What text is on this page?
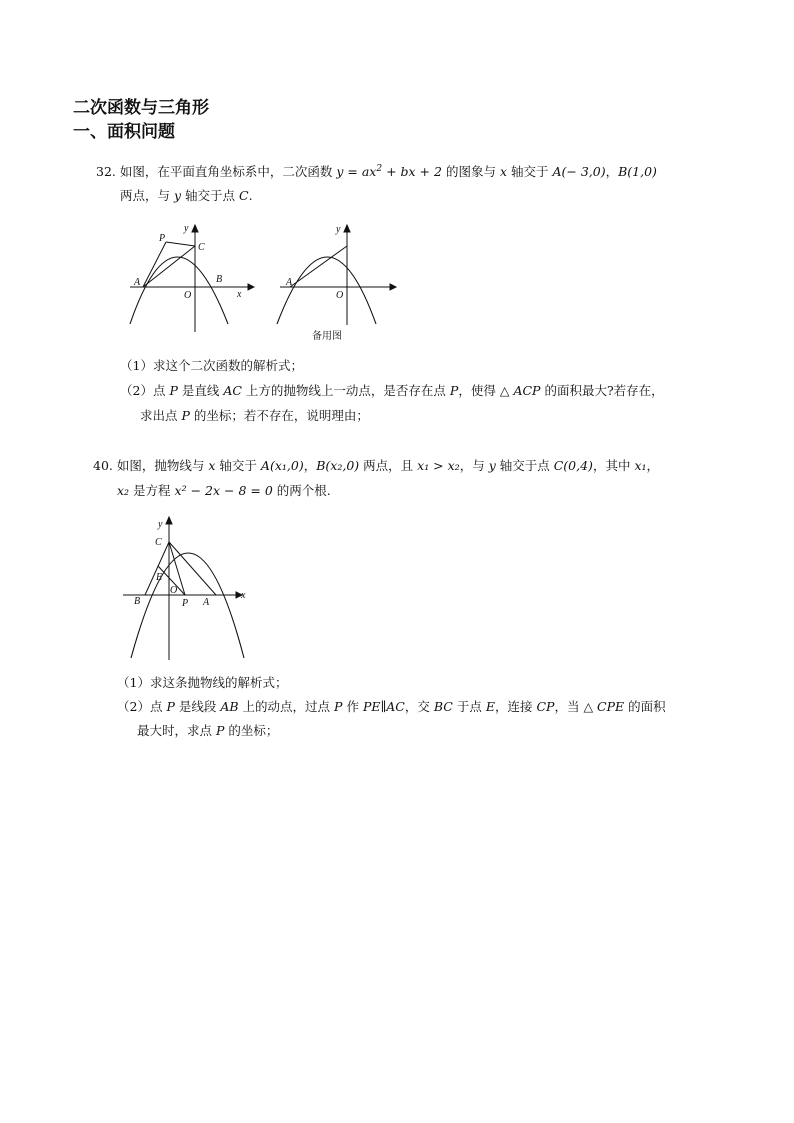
二次函数与三角形
一、面积问题
32. 如图，在平面直角坐标系中，二次函数 $y = ax^2$ + bx + 2 的图象与 x 轴交于 A(− 3,0)，B(1,0)
两点，与 y 轴交于点 C.
y
P
C
A	B
O	x
y
A
O
备用图
（1）求这个二次函数的解析式；
（2）点 P 是直线 AC 上方的抛物线上一动点，是否存在点 P，使得 △ ACP 的面积最大?若存在，
求出点 P 的坐标；若不存在，说明理由；
40. 如图，抛物线与 x 轴交于 A(x₁,0)，B(x₂,0) 两点，且 x₁ > x₂，与 y 轴交于点 C(0,4)，其中 x₁，
x₂ 是方程 x² − 2x − 8 = 0 的两个根.
y
C
E
B
O
P A
x
（1）求这条抛物线的解析式；
（2）点 P 是线段 AB 上的动点，过点 P 作 PE∥AC，交 BC 于点 E，连接 CP，当 △ CPE 的面积
最大时，求点 P 的坐标；
